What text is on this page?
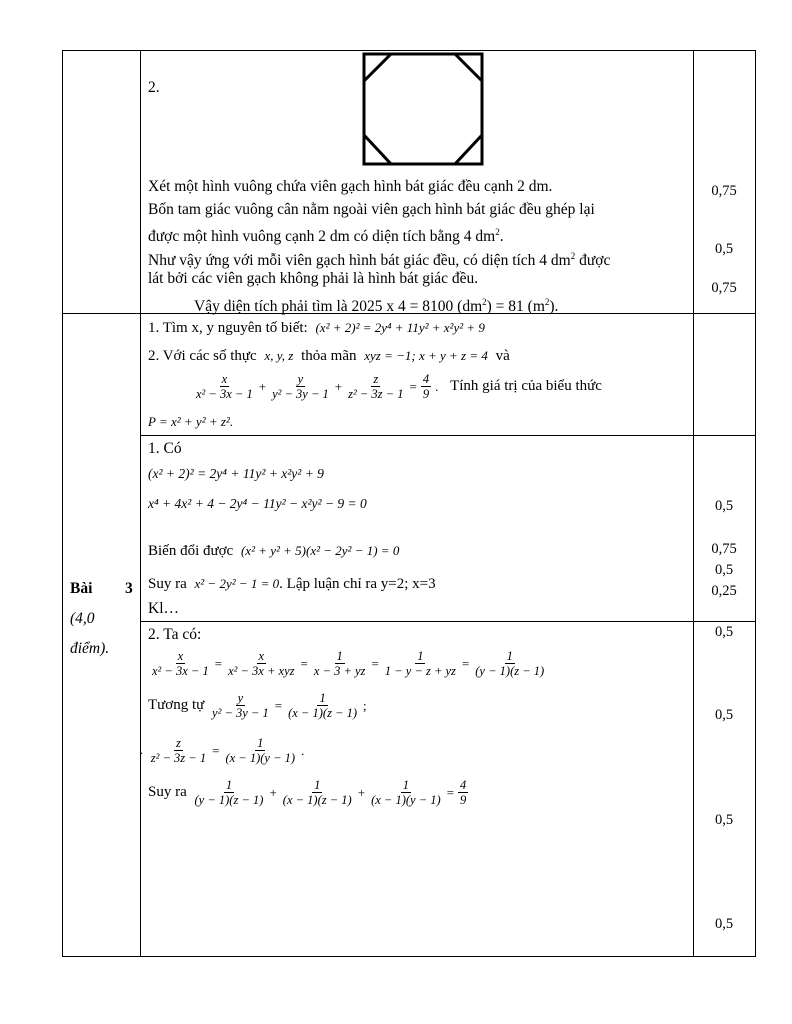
2.
Xét một hình vuông chứa viên gạch hình bát giác đều cạnh 2 dm.
Bốn tam giác vuông cân nằm ngoài viên gạch hình bát giác đều ghép lại
được một hình vuông cạnh 2 dm có diện tích bằng 4 $dm^2$.
Như vậy ứng với mỗi viên gạch hình bát giác đều, có diện tích 4 $dm^2$ được
lát bởi các viên gạch không phải là hình bát giác đều.
Vậy diện tích phải tìm là 2025 x 4 = 8100 $(dm^2) = 81$ $(m^2)$.
0,75
0,5
0,75
Bài 3
(4,0
điểm).
1. Tìm x, y nguyên tố biết: (x² + 2)² = 2y⁴ + 11y² + x²y² + 9
2. Với các số thực x, y, z thỏa mãn xyz = −1; x + y + z = 4 và
$\frac{x}{\text{x² − 3x − 1}} + \frac{y}{\text{y² − 3y − 1}} + \frac{z}{\text{z² − 3z − 1}} = \frac{4}{9}$ . Tính giá trị của biểu thức
P = x² + y² + z².
1. Có
(x² + 2)² = 2y⁴ + 11y² + x²y² + 9
x⁴ + 4x² + 4 − 2y⁴ − 11y² − x²y² − 9 = 0
Biến đổi được (x² + y² + 5)(x² − 2y² − 1) = 0
Suy ra x² − 2y² − 1 = 0. Lập luận chỉ ra y=2; x=3
Kl…
0,5
0,75
0,5
0,25
2. Ta có:
$\frac{x}{\text{x² − 3x − 1}} = \frac{x}{\text{x² − 3x + xyz}} = \frac{1}{x - 3 + yz} = \frac{1}{1 - y - z + yz} = \frac{1}{(y - 1)(z - 1)}$
Tương tự $\frac{y}{\text{y² − 3y − 1}} = \frac{1}{(x - 1)(z - 1)}$ ;
. $\frac{z}{\text{z² − 3z − 1}} = \frac{1}{(x - 1)(y - 1)}$ .
Suy ra $\frac{1}{(y - 1)(z - 1)} + \frac{1}{(x - 1)(z - 1)} + \frac{1}{(x - 1)(y - 1)} = \frac{4}{9}$
0,5
0,5
0,5
0,5
